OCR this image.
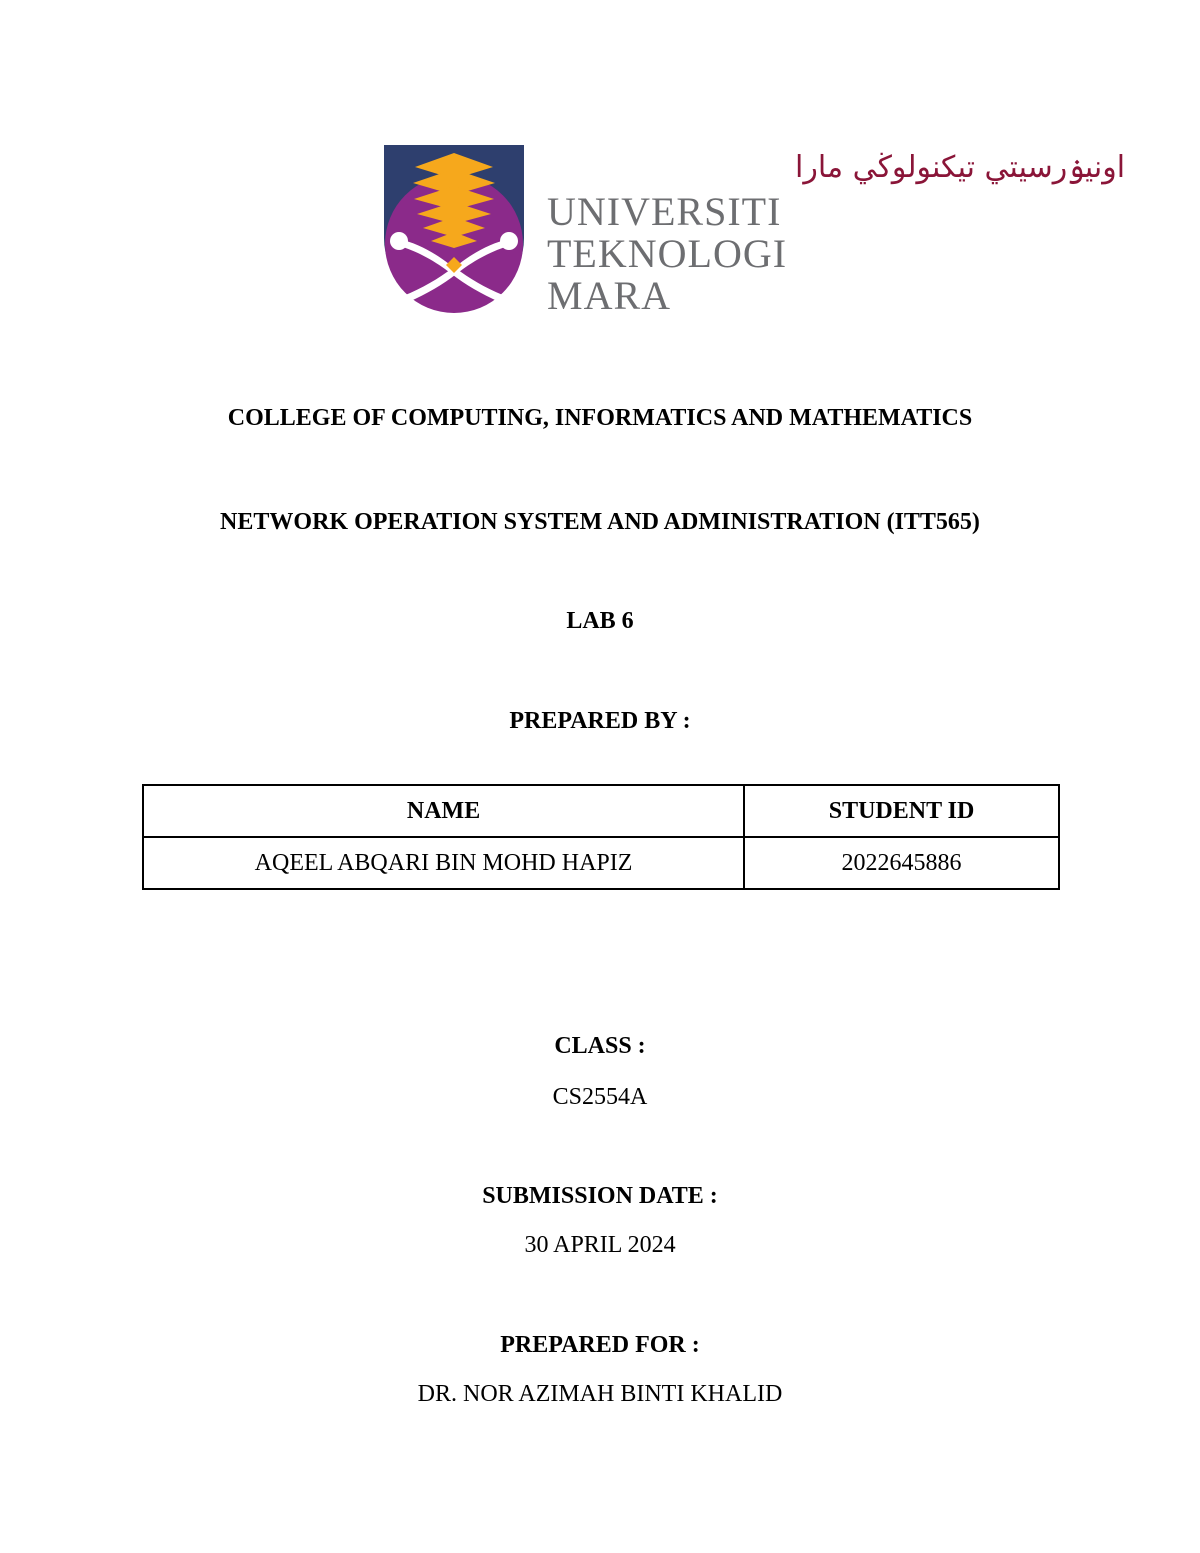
اونيۏرسيتي تيكنولوڬي مارا
UNIVERSITI
TEKNOLOGI
MARA
COLLEGE OF COMPUTING, INFORMATICS AND MATHEMATICS
NETWORK OPERATION SYSTEM AND ADMINISTRATION (ITT565)
LAB 6
PREPARED BY :
NAME	STUDENT ID
AQEEL ABQARI BIN MOHD HAPIZ	2022645886
CLASS :
CS2554A
SUBMISSION DATE :
30 APRIL 2024
PREPARED FOR :
DR. NOR AZIMAH BINTI KHALID
